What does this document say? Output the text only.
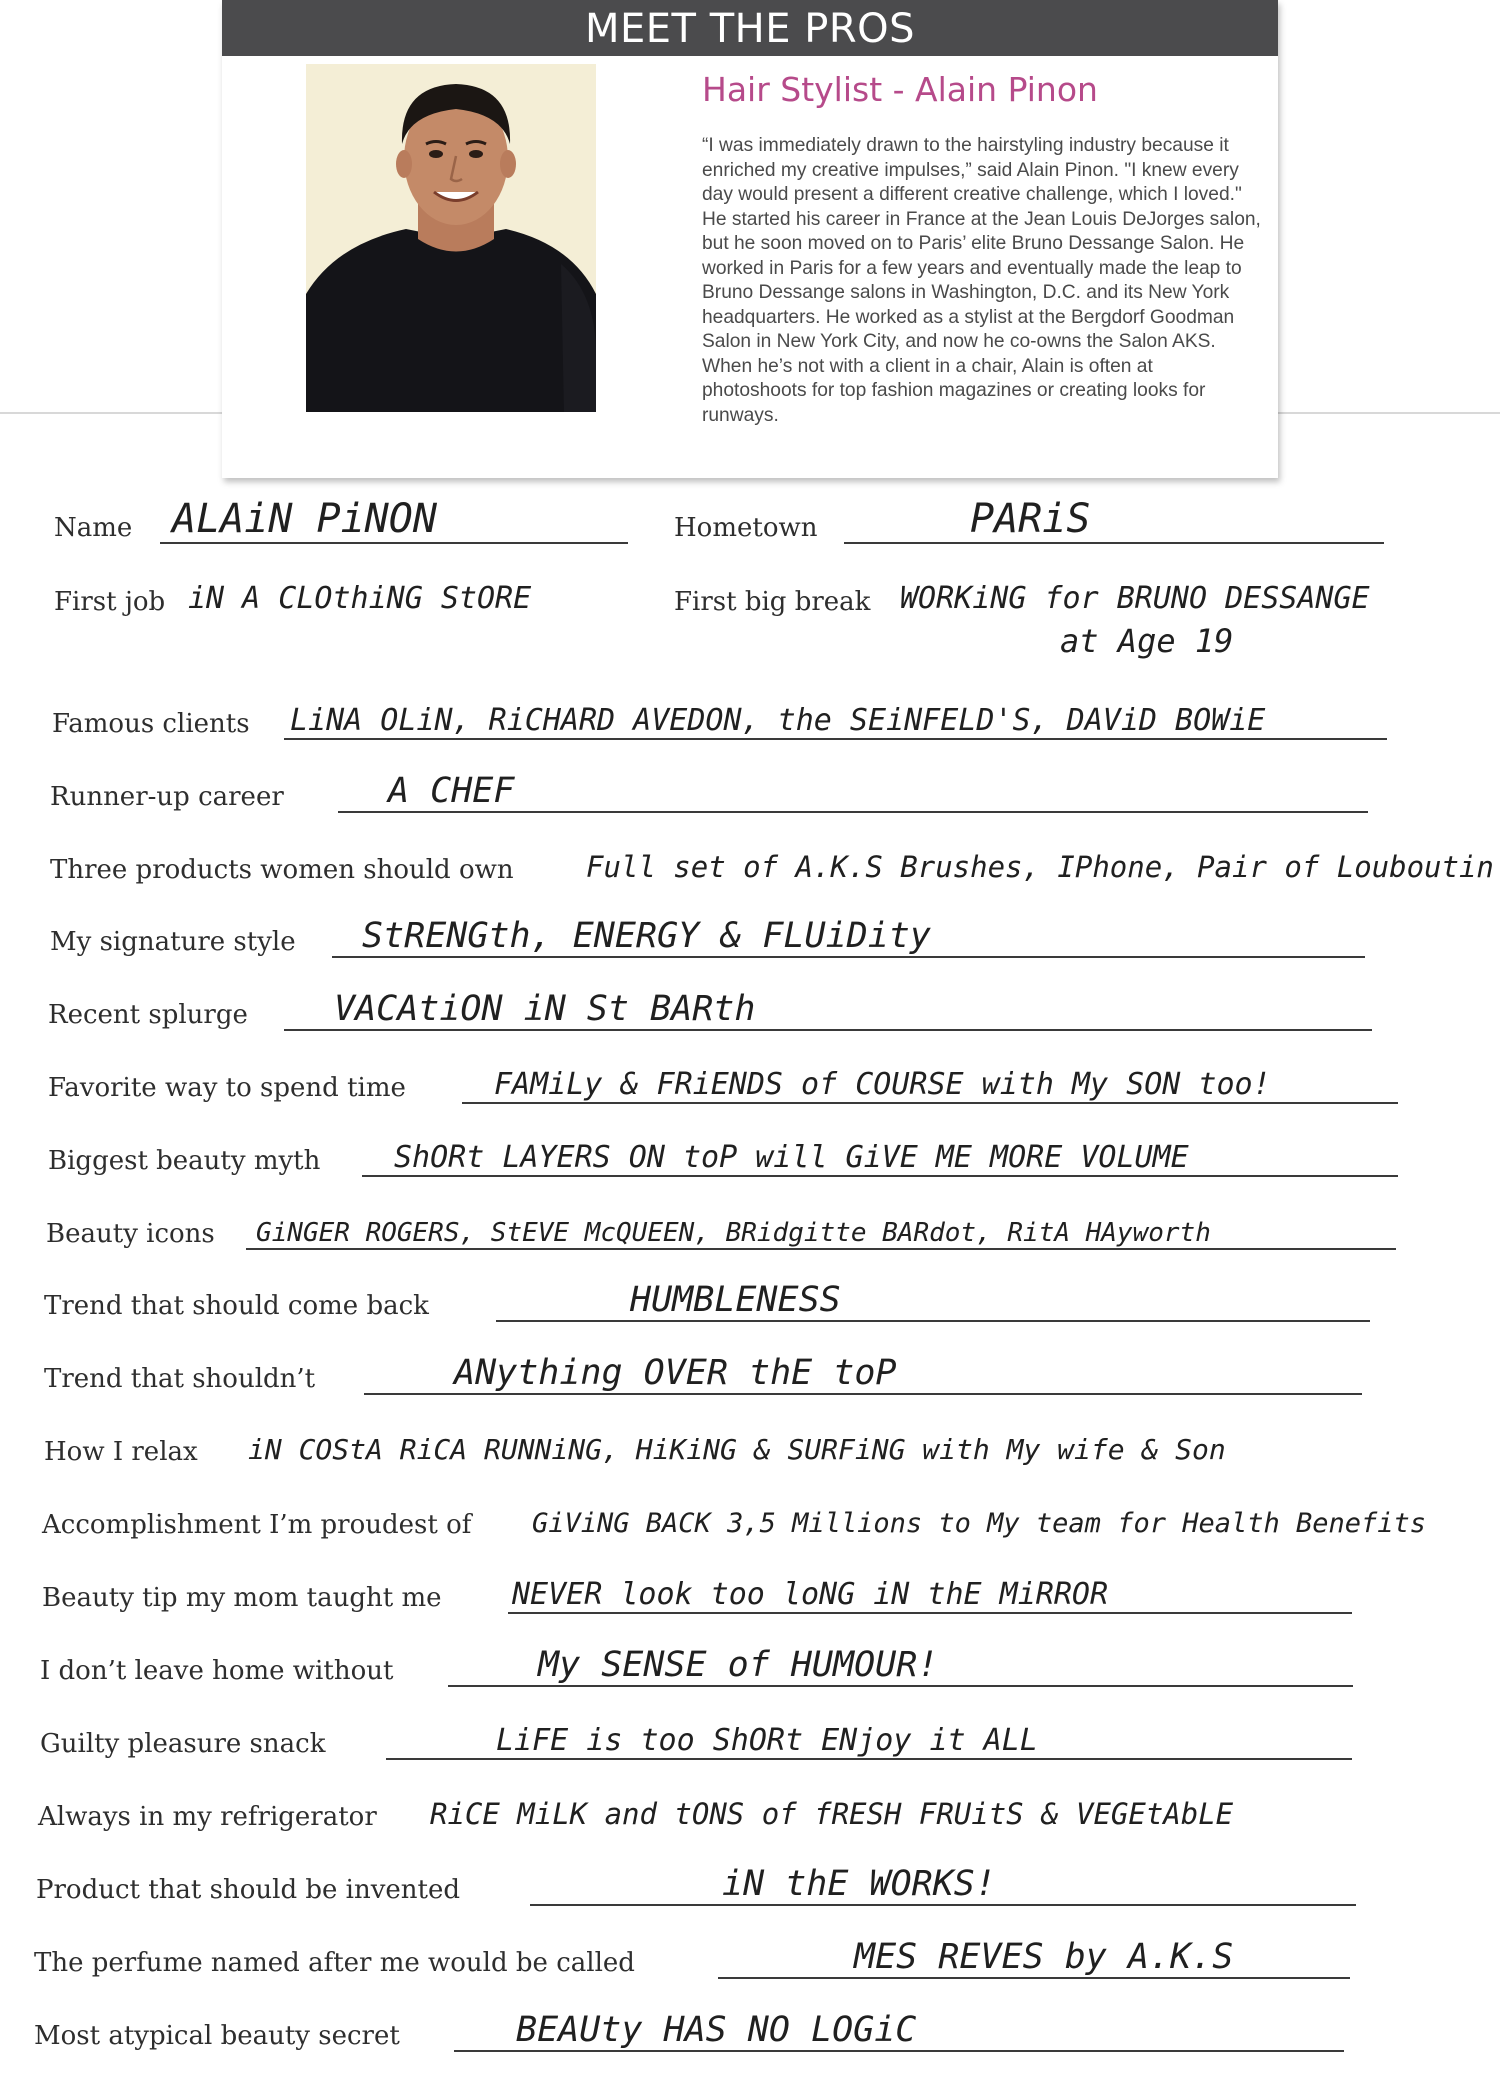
MEET THE PROS
Hair Stylist - Alain Pinon
“I was immediately drawn to the hairstyling industry because it enriched my creative impulses,” said Alain Pinon. "I knew every day would present a different creative challenge, which I loved." He started his career in France at the Jean Louis DeJorges salon, but he soon moved on to Paris’ elite Bruno Dessange Salon. He worked in Paris for a few years and eventually made the leap to Bruno Dessange salons in Washington, D.C. and its New York headquarters. He worked as a stylist at the Bergdorf Goodman Salon in New York City, and now he co-owns the Salon AKS. When he’s not with a client in a chair, Alain is often at photoshoots for top fashion magazines or creating looks for runways.
Name ALAiN PiNON	Hometown	PARiS
First job iN A CLOthiNG StORE	First big break WORKiNG for BRUNO DESSANGE
at Age 19
Famous clients LiNA OLiN, RiCHARD AVEDON, the SEiNFELD'S, DAViD BOWiE
Runner-up career	A CHEF
Three products women should own Full set of A.K.S Brushes, IPhone, Pair of Louboutin
My signature style StRENGth, ENERGY & FLUiDity
Recent splurge VACAtiON iN St BARth
Favorite way to spend time	FAMiLy & FRiENDS of COURSE with My SON too!
Biggest beauty myth ShORt LAYERS ON toP will GiVE ME MORE VOLUME
Beauty icons GiNGER ROGERS, StEVE McQUEEN, BRidgitte BARdot, RitA HAyworth
Trend that should come back	HUMBLENESS
Trend that shouldn’t	ANything OVER thE toP
How I relax iN COStA RiCA RUNNiNG, HiKiNG & SURFiNG with My wife & Son
Accomplishment I’m proudest of GiViNG BACK 3,5 Millions to My team for Health Benefits
Beauty tip my mom taught me NEVER look too loNG iN thE MiRROR
I don’t leave home without	My SENSE of HUMOUR!
Guilty pleasure snack	LiFE is too ShORt ENjoy it ALL
Always in my refrigerator RiCE MiLK and tONS of fRESH FRUitS & VEGEtAbLE
Product that should be invented	iN thE WORKS!
The perfume named after me would be called	MES REVES by A.K.S
Most atypical beauty secret	BEAUty HAS NO LOGiC
